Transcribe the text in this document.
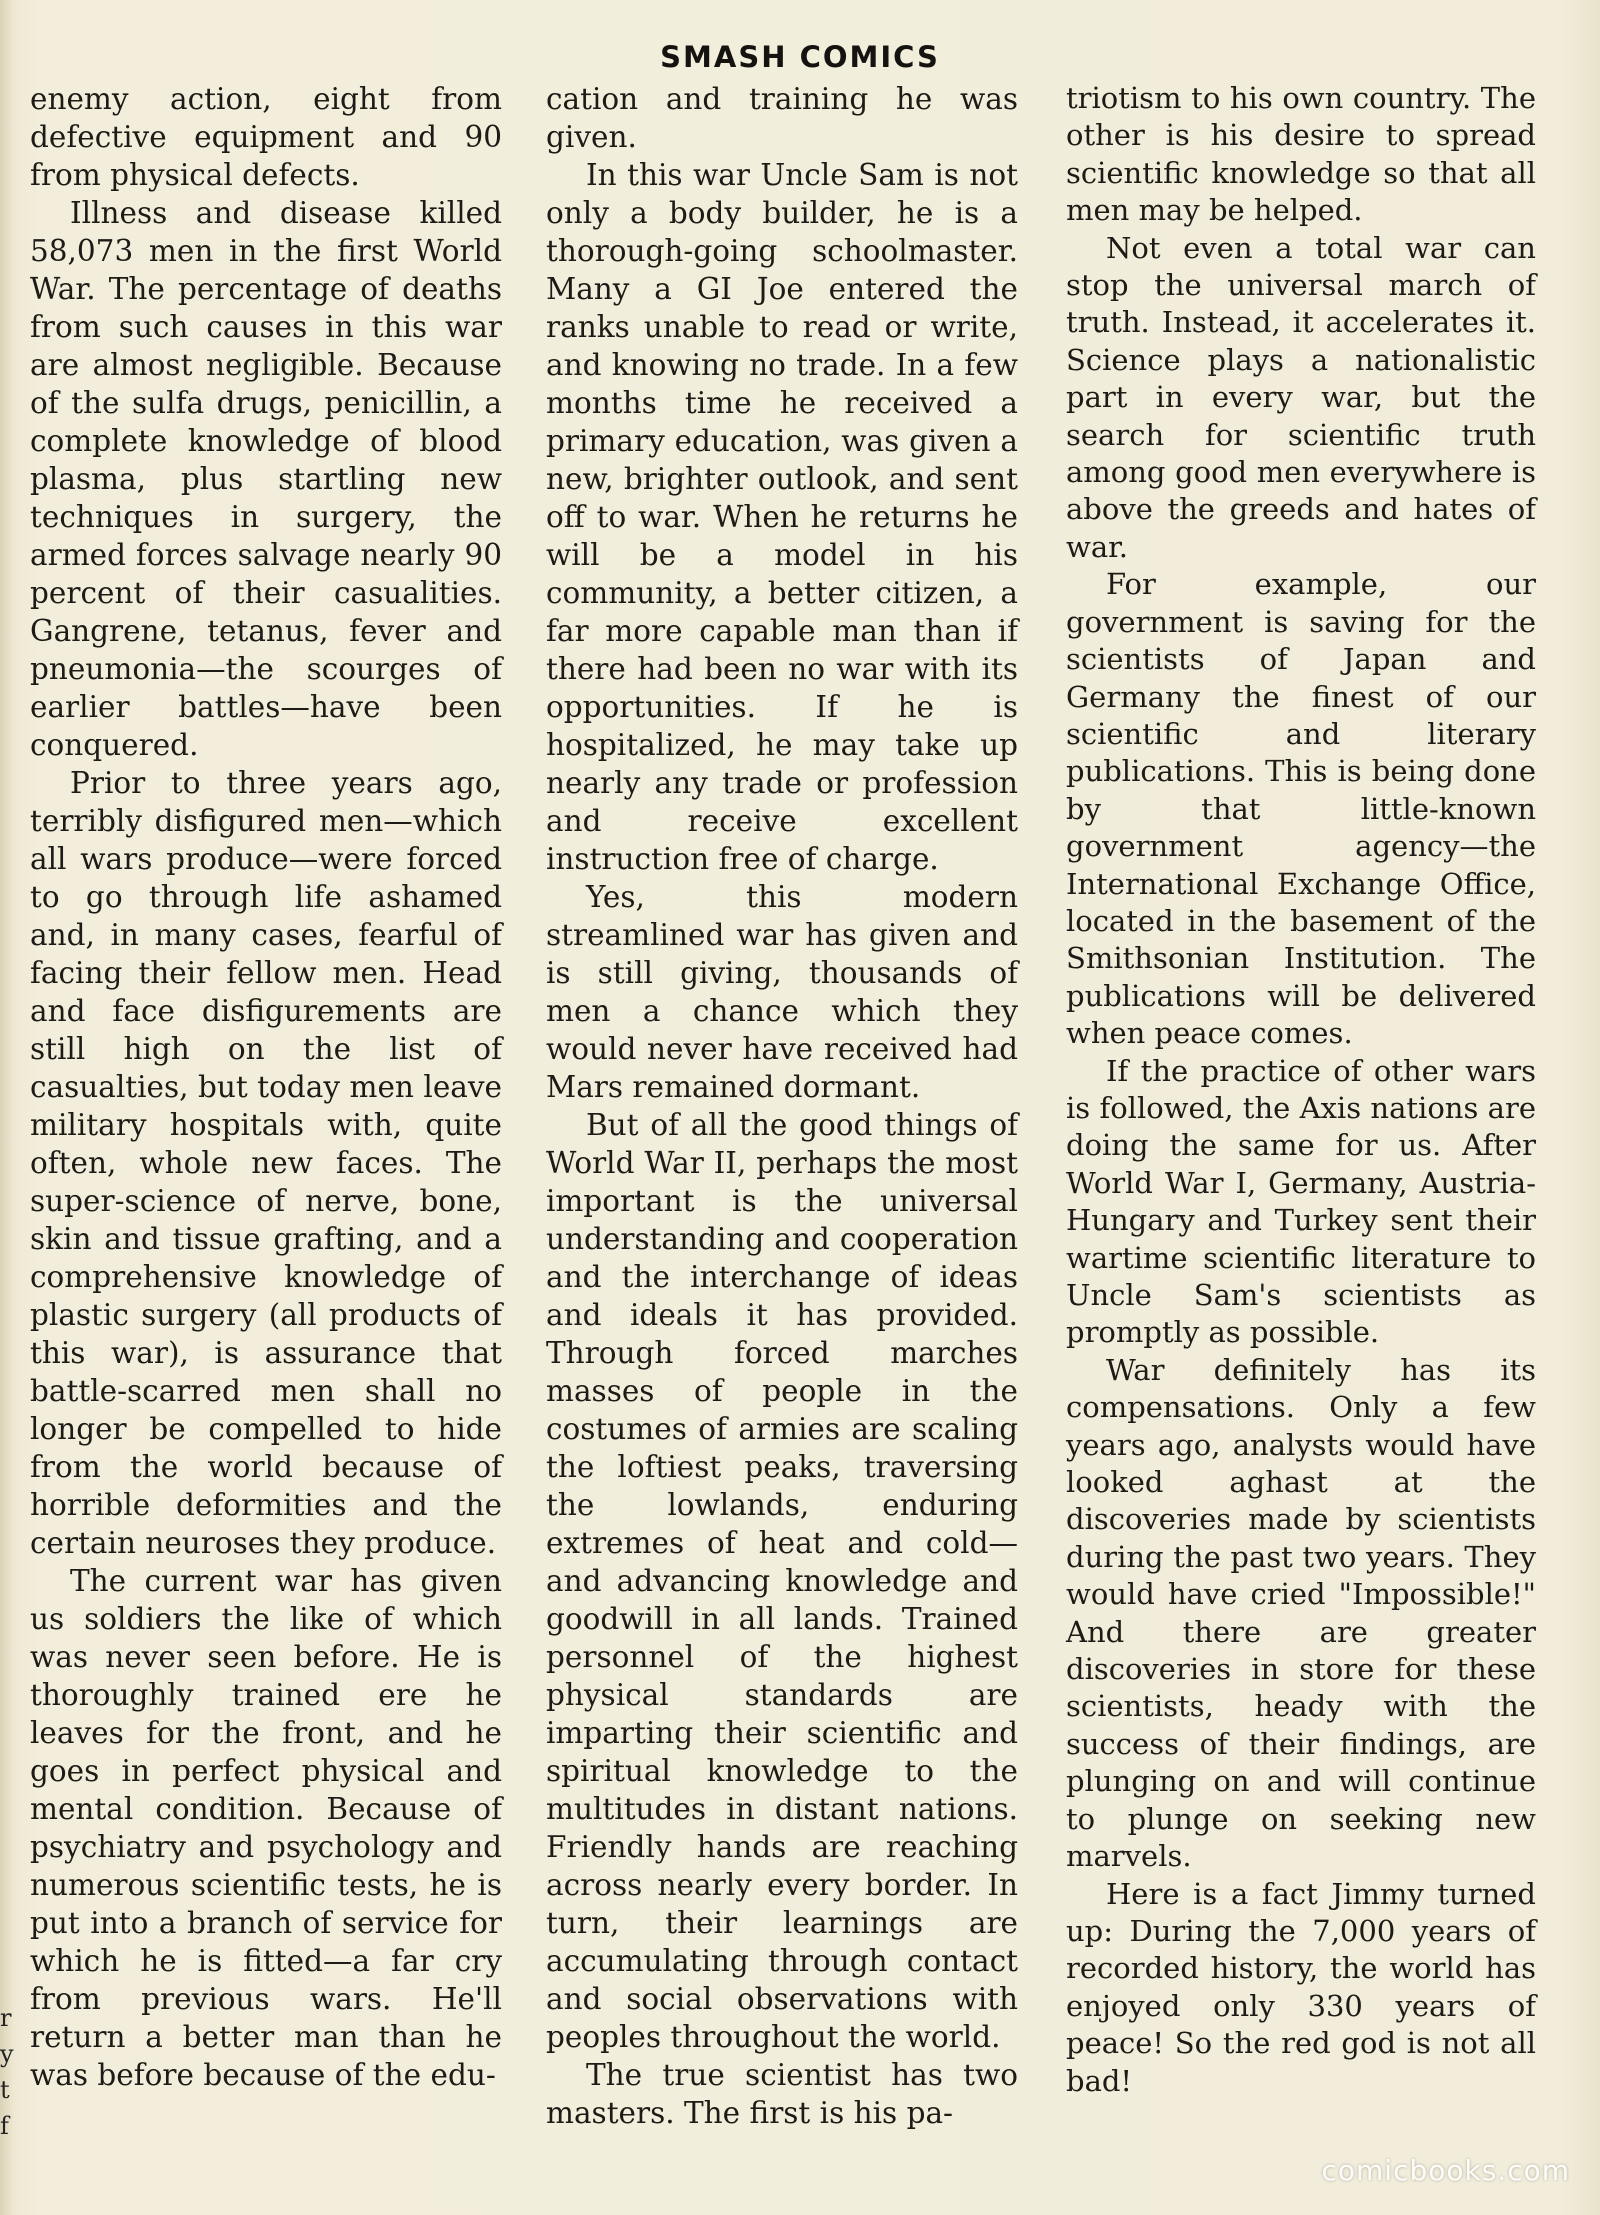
SMASH COMICS

enemy action, eight from defective equipment and 90 from physical defects.

Illness and disease killed 58,073 men in the first World War. The percentage of deaths from such causes in this war are almost negligible. Because of the sulfa drugs, penicillin, a complete knowledge of blood plasma, plus startling new techniques in surgery, the armed forces salvage nearly 90 percent of their casualities. Gangrene, tetanus, fever and pneumonia—the scourges of earlier battles—have been conquered.

Prior to three years ago, terribly disfigured men—which all wars produce—were forced to go through life ashamed and, in many cases, fearful of facing their fellow men. Head and face disfigurements are still high on the list of casualties, but today men leave military hospitals with, quite often, whole new faces. The super-science of nerve, bone, skin and tissue grafting, and a comprehensive knowledge of plastic surgery (all products of this war), is assurance that battle-scarred men shall no longer be compelled to hide from the world because of horrible deformities and the certain neuroses they produce.

The current war has given us soldiers the like of which was never seen before. He is thoroughly trained ere he leaves for the front, and he goes in perfect physical and mental condition. Because of psychiatry and psychology and numerous scientific tests, he is put into a branch of service for which he is fitted—a far cry from previous wars. He'll return a better man than he was before because of the edu-

cation and training he was given.

In this war Uncle Sam is not only a body builder, he is a thorough-going schoolmaster. Many a GI Joe entered the ranks unable to read or write, and knowing no trade. In a few months time he received a primary education, was given a new, brighter outlook, and sent off to war. When he returns he will be a model in his community, a better citizen, a far more capable man than if there had been no war with its opportunities. If he is hospitalized, he may take up nearly any trade or profession and receive excellent instruction free of charge.

Yes, this modern streamlined war has given and is still giving, thousands of men a chance which they would never have received had Mars remained dormant.

But of all the good things of World War II, perhaps the most important is the universal understanding and cooperation and the interchange of ideas and ideals it has provided. Through forced marches masses of people in the costumes of armies are scaling the loftiest peaks, traversing the lowlands, enduring extremes of heat and cold—and advancing knowledge and goodwill in all lands. Trained personnel of the highest physical standards are imparting their scientific and spiritual knowledge to the multitudes in distant nations. Friendly hands are reaching across nearly every border. In turn, their learnings are accumulating through contact and social observations with peoples throughout the world.

The true scientist has two masters. The first is his pa-

triotism to his own country. The other is his desire to spread scientific knowledge so that all men may be helped.

Not even a total war can stop the universal march of truth. Instead, it accelerates it. Science plays a nationalistic part in every war, but the search for scientific truth among good men everywhere is above the greeds and hates of war.

For example, our government is saving for the scientists of Japan and Germany the finest of our scientific and literary publications. This is being done by that little-known government agency—the International Exchange Office, located in the basement of the Smithsonian Institution. The publications will be delivered when peace comes.

If the practice of other wars is followed, the Axis nations are doing the same for us. After World War I, Germany, Austria-Hungary and Turkey sent their wartime scientific literature to Uncle Sam's scientists as promptly as possible.

War definitely has its compensations. Only a few years ago, analysts would have looked aghast at the discoveries made by scientists during the past two years. They would have cried "Impossible!" And there are greater discoveries in store for these scientists, heady with the success of their findings, are plunging on and will continue to plunge on seeking new marvels.

Here is a fact Jimmy turned up: During the 7,000 years of recorded history, the world has enjoyed only 330 years of peace! So the red god is not all bad!

r
y
t
f
comicbooks.com
